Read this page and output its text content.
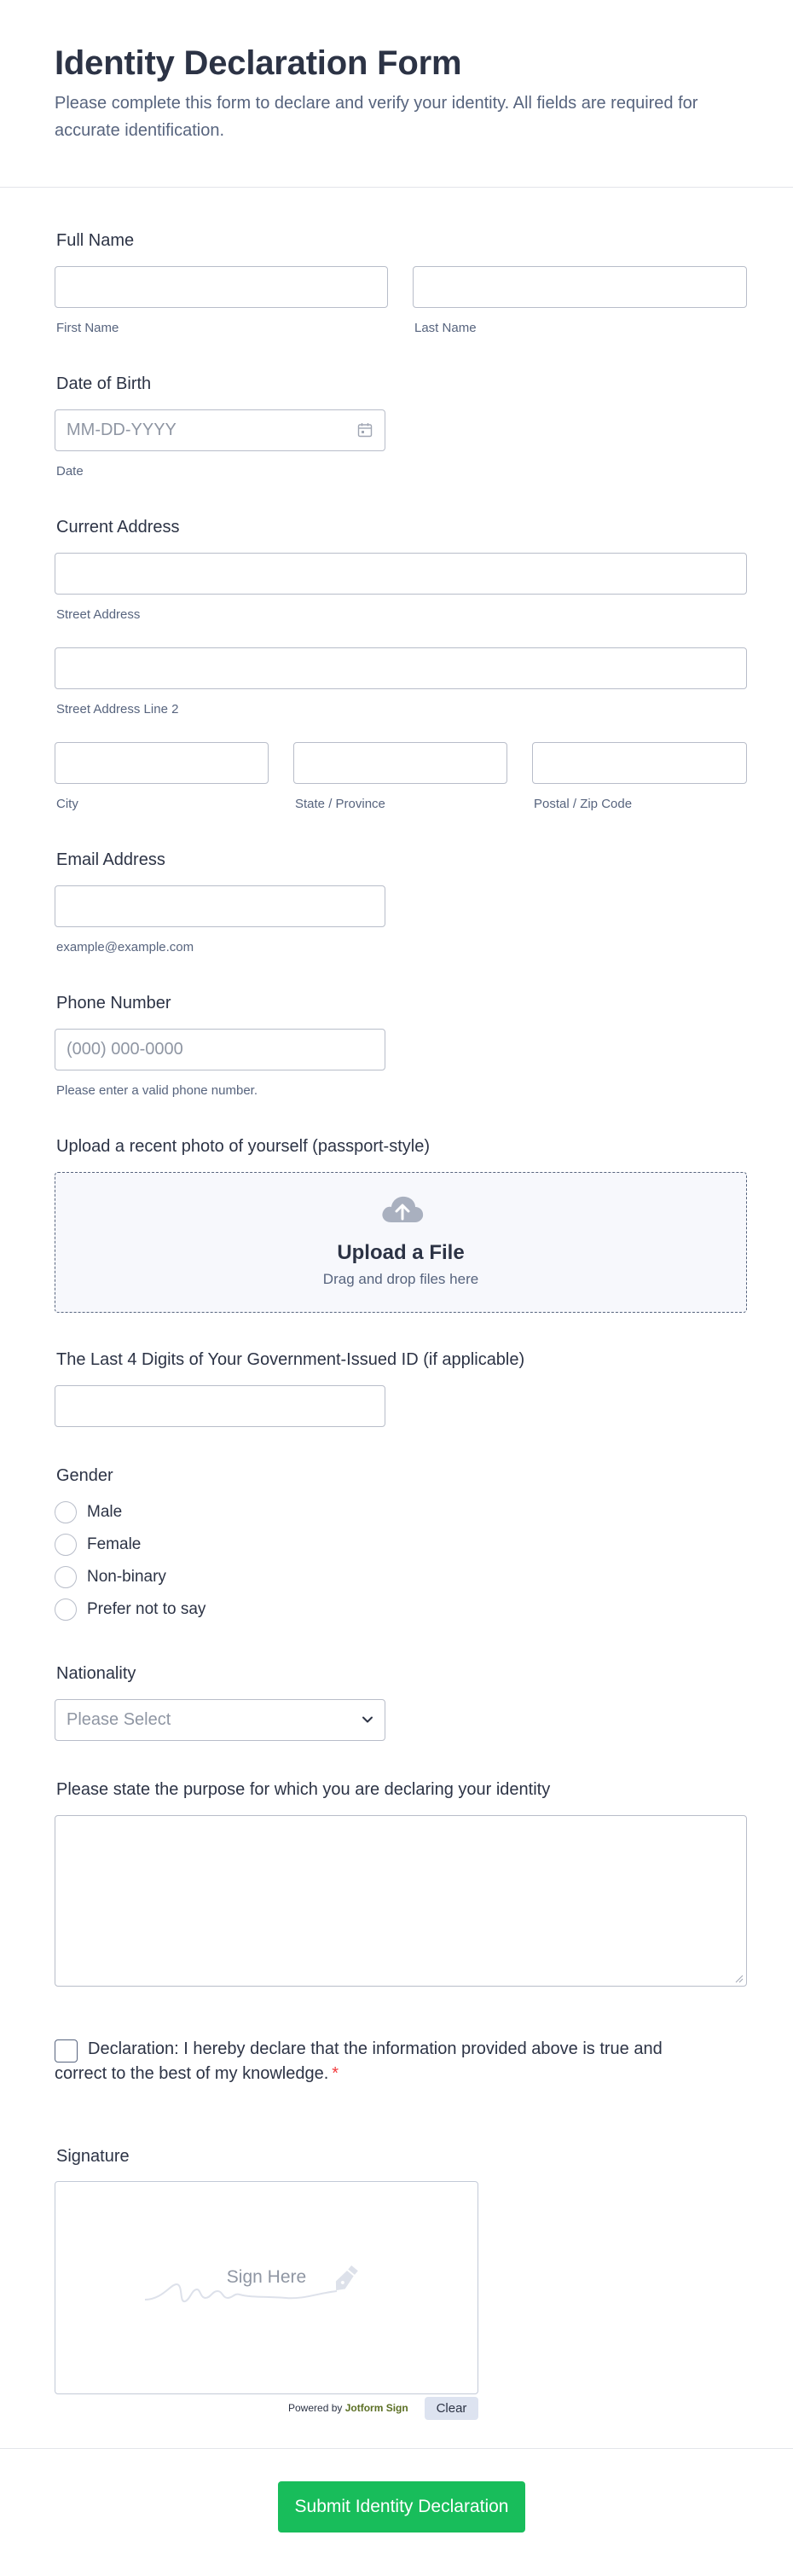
Identity Declaration Form
Please complete this form to declare and verify your identity. All fields are required for accurate identification.
Full Name
First Name	Last Name
Date of Birth
MM-DD-YYYY
Date
Current Address
Street Address
Street Address Line 2
City	State / Province	Postal / Zip Code
Email Address
example@example.com
Phone Number
(000) 000-0000
Please enter a valid phone number.
Upload a recent photo of yourself (passport-style)
Upload a File
Drag and drop files here
The Last 4 Digits of Your Government-Issued ID (if applicable)
Gender
Male
Female
Non-binary
Prefer not to say
Nationality
Please Select
Please state the purpose for which you are declaring your identity
Declaration: I hereby declare that the information provided above is true and correct to the best of my knowledge. *
Signature
Sign Here
Powered by Jotform Sign	Clear
Submit Identity Declaration
